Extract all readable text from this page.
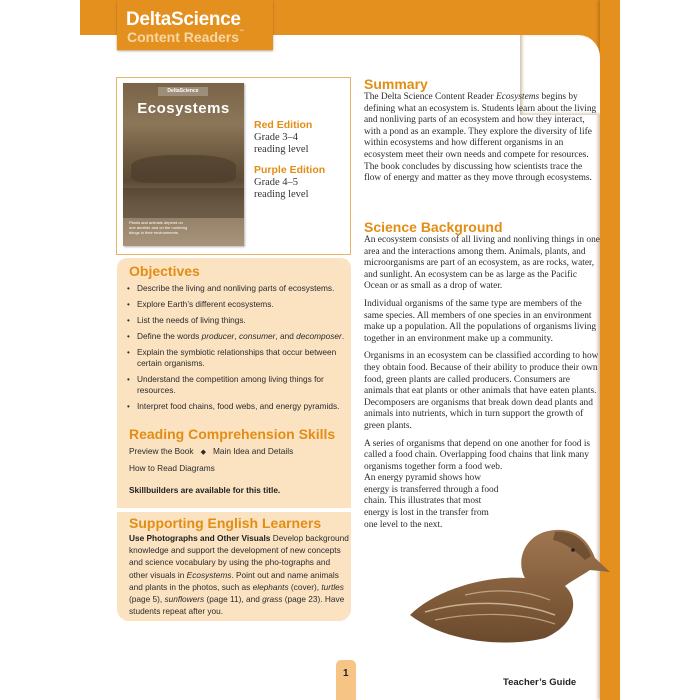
DeltaScience
Content Readers™
DeltaScience
Ecosystems
Plants and animals depend on one another and on the nonliving things in their environments.
Red Edition
Grade 3–4
reading level
Purple Edition
Grade 4–5
reading level
Objectives
• Describe the living and nonliving parts of ecosystems.
• Explore Earth’s different ecosystems.
• List the needs of living things.
• Define the words producer, consumer, and decomposer.
• Explain the symbiotic relationships that occur between certain organisms.
• Understand the competition among living things for resources.
• Interpret food chains, food webs, and energy pyramids.
Reading Comprehension Skills
Preview the Book ◆ Main Idea and Details
How to Read Diagrams
Skillbuilders are available for this title.
Supporting English Learners

Use Photographs and Other Visuals Develop background knowledge and support the development of new concepts and science vocabulary by using the pho-tographs and other visuals in Ecosystems. Point out and name animals and plants in the photos, such as elephants (cover), turtles (page 5), sunflowers (page 11), and grass (page 23). Have students repeat after you.

Summary

The Delta Science Content Reader Ecosystems begins by defining what an ecosystem is. Students learn about the living and nonliving parts of an ecosystem and how they interact, with a pond as an example. They explore the diversity of life within ecosystems and how different organisms in an ecosystem meet their own needs and compete for resources. The book concludes by discussing how scientists trace the flow of energy and matter as they move through ecosystems.

Science Background

An ecosystem consists of all living and nonliving things in one area and the interactions among them. Animals, plants, and microorganisms are part of an ecosystem, as are rocks, water, and sunlight. An ecosystem can be as large as the Pacific Ocean or as small as a drop of water.

Individual organisms of the same type are members of the same species. All members of one species in an environment make up a population. All the populations of organisms living together in an environment make up a community.

Organisms in an ecosystem can be classified according to how they obtain food. Because of their ability to produce their own food, green plants are called producers. Consumers are animals that eat plants or other animals that have eaten plants. Decomposers are organisms that break down dead plants and animals into nutrients, which in turn support the growth of green plants.

A series of organisms that depend on one another for food is called a food chain. Overlapping food chains that link many organisms together form a food web.

An energy pyramid shows how energy is transferred through a food chain. This illustrates that most energy is lost in the transfer from one level to the next.

1
Teacher’s Guide
